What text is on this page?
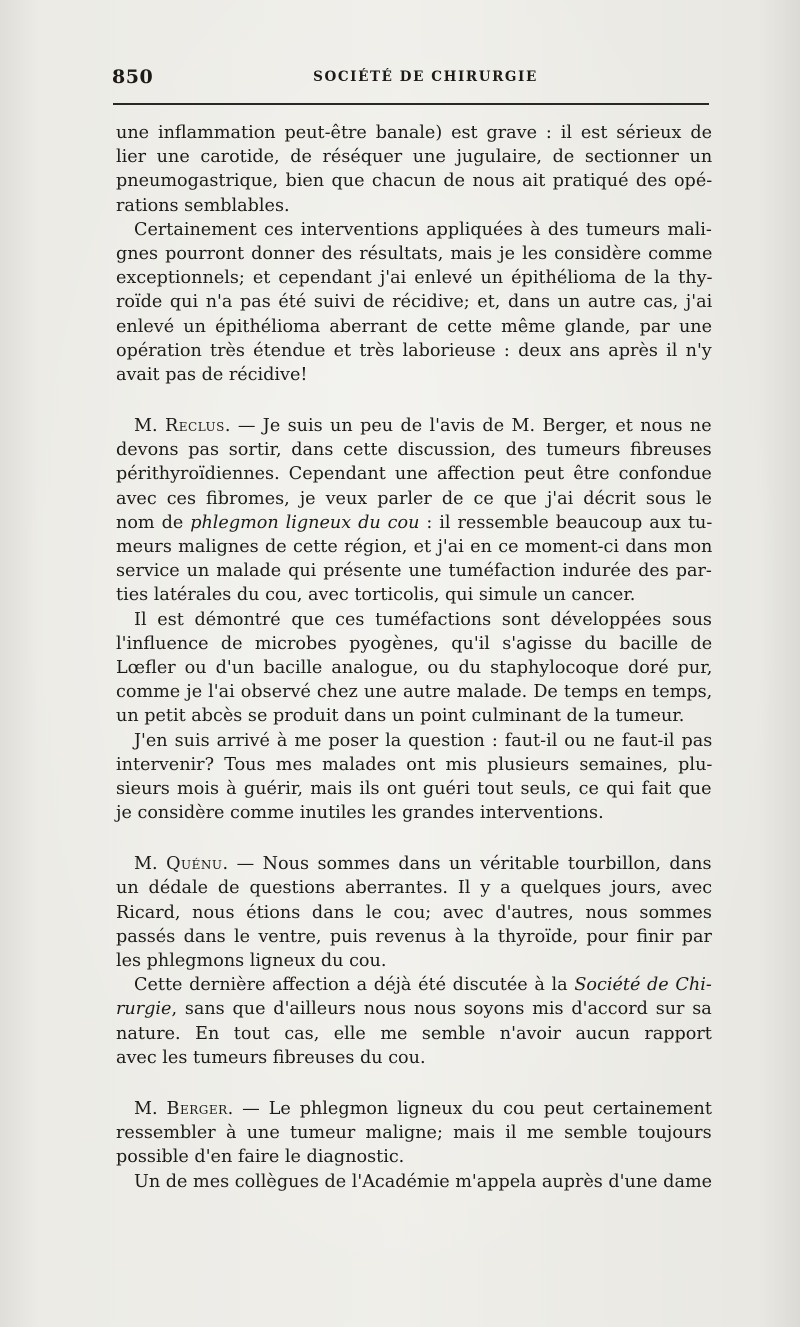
850	SOCIÉTÉ DE CHIRURGIE
une inflammation peut-être banale) est grave : il est sérieux de
lier une carotide, de réséquer une jugulaire, de sectionner un
pneumogastrique, bien que chacun de nous ait pratiqué des opé-
rations semblables.
Certainement ces interventions appliquées à des tumeurs mali-
gnes pourront donner des résultats, mais je les considère comme
exceptionnels; et cependant j'ai enlevé un épithélioma de la thy-
roïde qui n'a pas été suivi de récidive; et, dans un autre cas, j'ai
enlevé un épithélioma aberrant de cette même glande, par une
opération très étendue et très laborieuse : deux ans après il n'y
avait pas de récidive!
M. Reclus. — Je suis un peu de l'avis de M. Berger, et nous ne
devons pas sortir, dans cette discussion, des tumeurs fibreuses
périthyroïdiennes. Cependant une affection peut être confondue
avec ces fibromes, je veux parler de ce que j'ai décrit sous le
nom de phlegmon ligneux du cou : il ressemble beaucoup aux tu-
meurs malignes de cette région, et j'ai en ce moment-ci dans mon
service un malade qui présente une tuméfaction indurée des par-
ties latérales du cou, avec torticolis, qui simule un cancer.
Il est démontré que ces tuméfactions sont développées sous
l'influence de microbes pyogènes, qu'il s'agisse du bacille de
Lœfler ou d'un bacille analogue, ou du staphylocoque doré pur,
comme je l'ai observé chez une autre malade. De temps en temps,
un petit abcès se produit dans un point culminant de la tumeur.
J'en suis arrivé à me poser la question : faut-il ou ne faut-il pas
intervenir? Tous mes malades ont mis plusieurs semaines, plu-
sieurs mois à guérir, mais ils ont guéri tout seuls, ce qui fait que
je considère comme inutiles les grandes interventions.
M. Quénu. — Nous sommes dans un véritable tourbillon, dans
un dédale de questions aberrantes. Il y a quelques jours, avec
Ricard, nous étions dans le cou; avec d'autres, nous sommes
passés dans le ventre, puis revenus à la thyroïde, pour finir par
les phlegmons ligneux du cou.
Cette dernière affection a déjà été discutée à la Société de Chi-
rurgie, sans que d'ailleurs nous nous soyons mis d'accord sur sa
nature. En tout cas, elle me semble n'avoir aucun rapport
avec les tumeurs fibreuses du cou.
M. Berger. — Le phlegmon ligneux du cou peut certainement
ressembler à une tumeur maligne; mais il me semble toujours
possible d'en faire le diagnostic.
Un de mes collègues de l'Académie m'appela auprès d'une dame
